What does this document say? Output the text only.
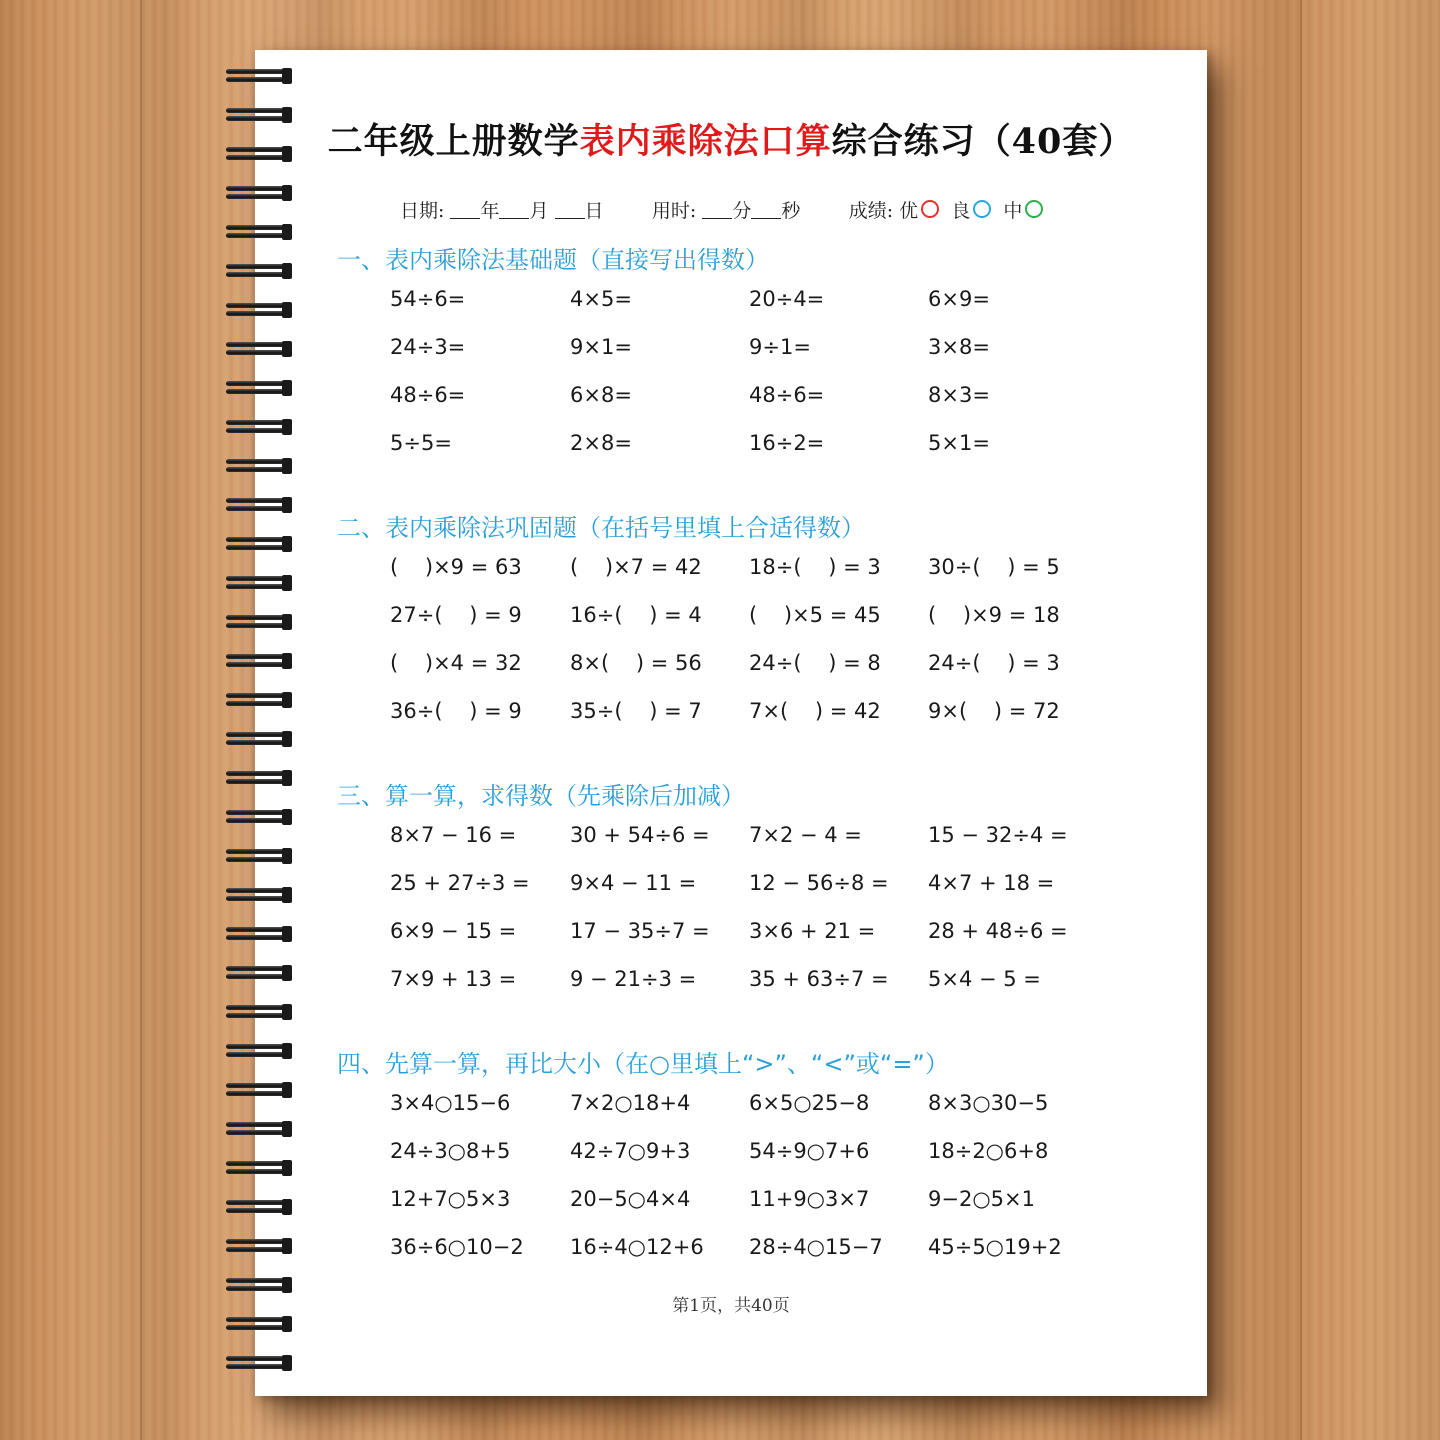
二年级上册数学表内乘除法口算综合练习（40套）
日期: 年 月 日	用时: 分 秒	成绩: 优 良 中
一、表内乘除法基础题（直接写出得数）
54÷6=	4×5=	20÷4=	6×9=
24÷3=	9×1=	9÷1=	3×8=
48÷6=	6×8=	48÷6=	8×3=
5÷5=	2×8=	16÷2=	5×1=
二、表内乘除法巩固题（在括号里填上合适得数）
(    )×9 = 63 (    )×7 = 42 18÷(    ) = 3 30÷(    ) = 5
27÷(    ) = 9 16÷(    ) = 4 (    )×5 = 45 (    )×9 = 18
(    )×4 = 32 8×(    ) = 56 24÷(    ) = 8 24÷(    ) = 3
36÷(    ) = 9 35÷(    ) = 7 7×(    ) = 42 9×(    ) = 72
三、算一算，求得数（先乘除后加减）
8×7 − 16 =	30 + 54÷6 = 7×2 − 4 =	15 − 32÷4 =
25 + 27÷3 = 9×4 − 11 =	12 − 56÷8 = 4×7 + 18 =
6×9 − 15 =	17 − 35÷7 = 3×6 + 21 =	28 + 48÷6 =
7×9 + 13 =	9 − 21÷3 =	35 + 63÷7 = 5×4 − 5 =
四、先算一算，再比大小（在○里填上“>”、“<”或“=”）
3×4○15−6	7×2○18+4	6×5○25−8	8×3○30−5
24÷3○8+5	42÷7○9+3	54÷9○7+6	18÷2○6+8
12+7○5×3	20−5○4×4	11+9○3×7	9−2○5×1
36÷6○10−2 16÷4○12+6 28÷4○15−7 45÷5○19+2
第1页，共40页
